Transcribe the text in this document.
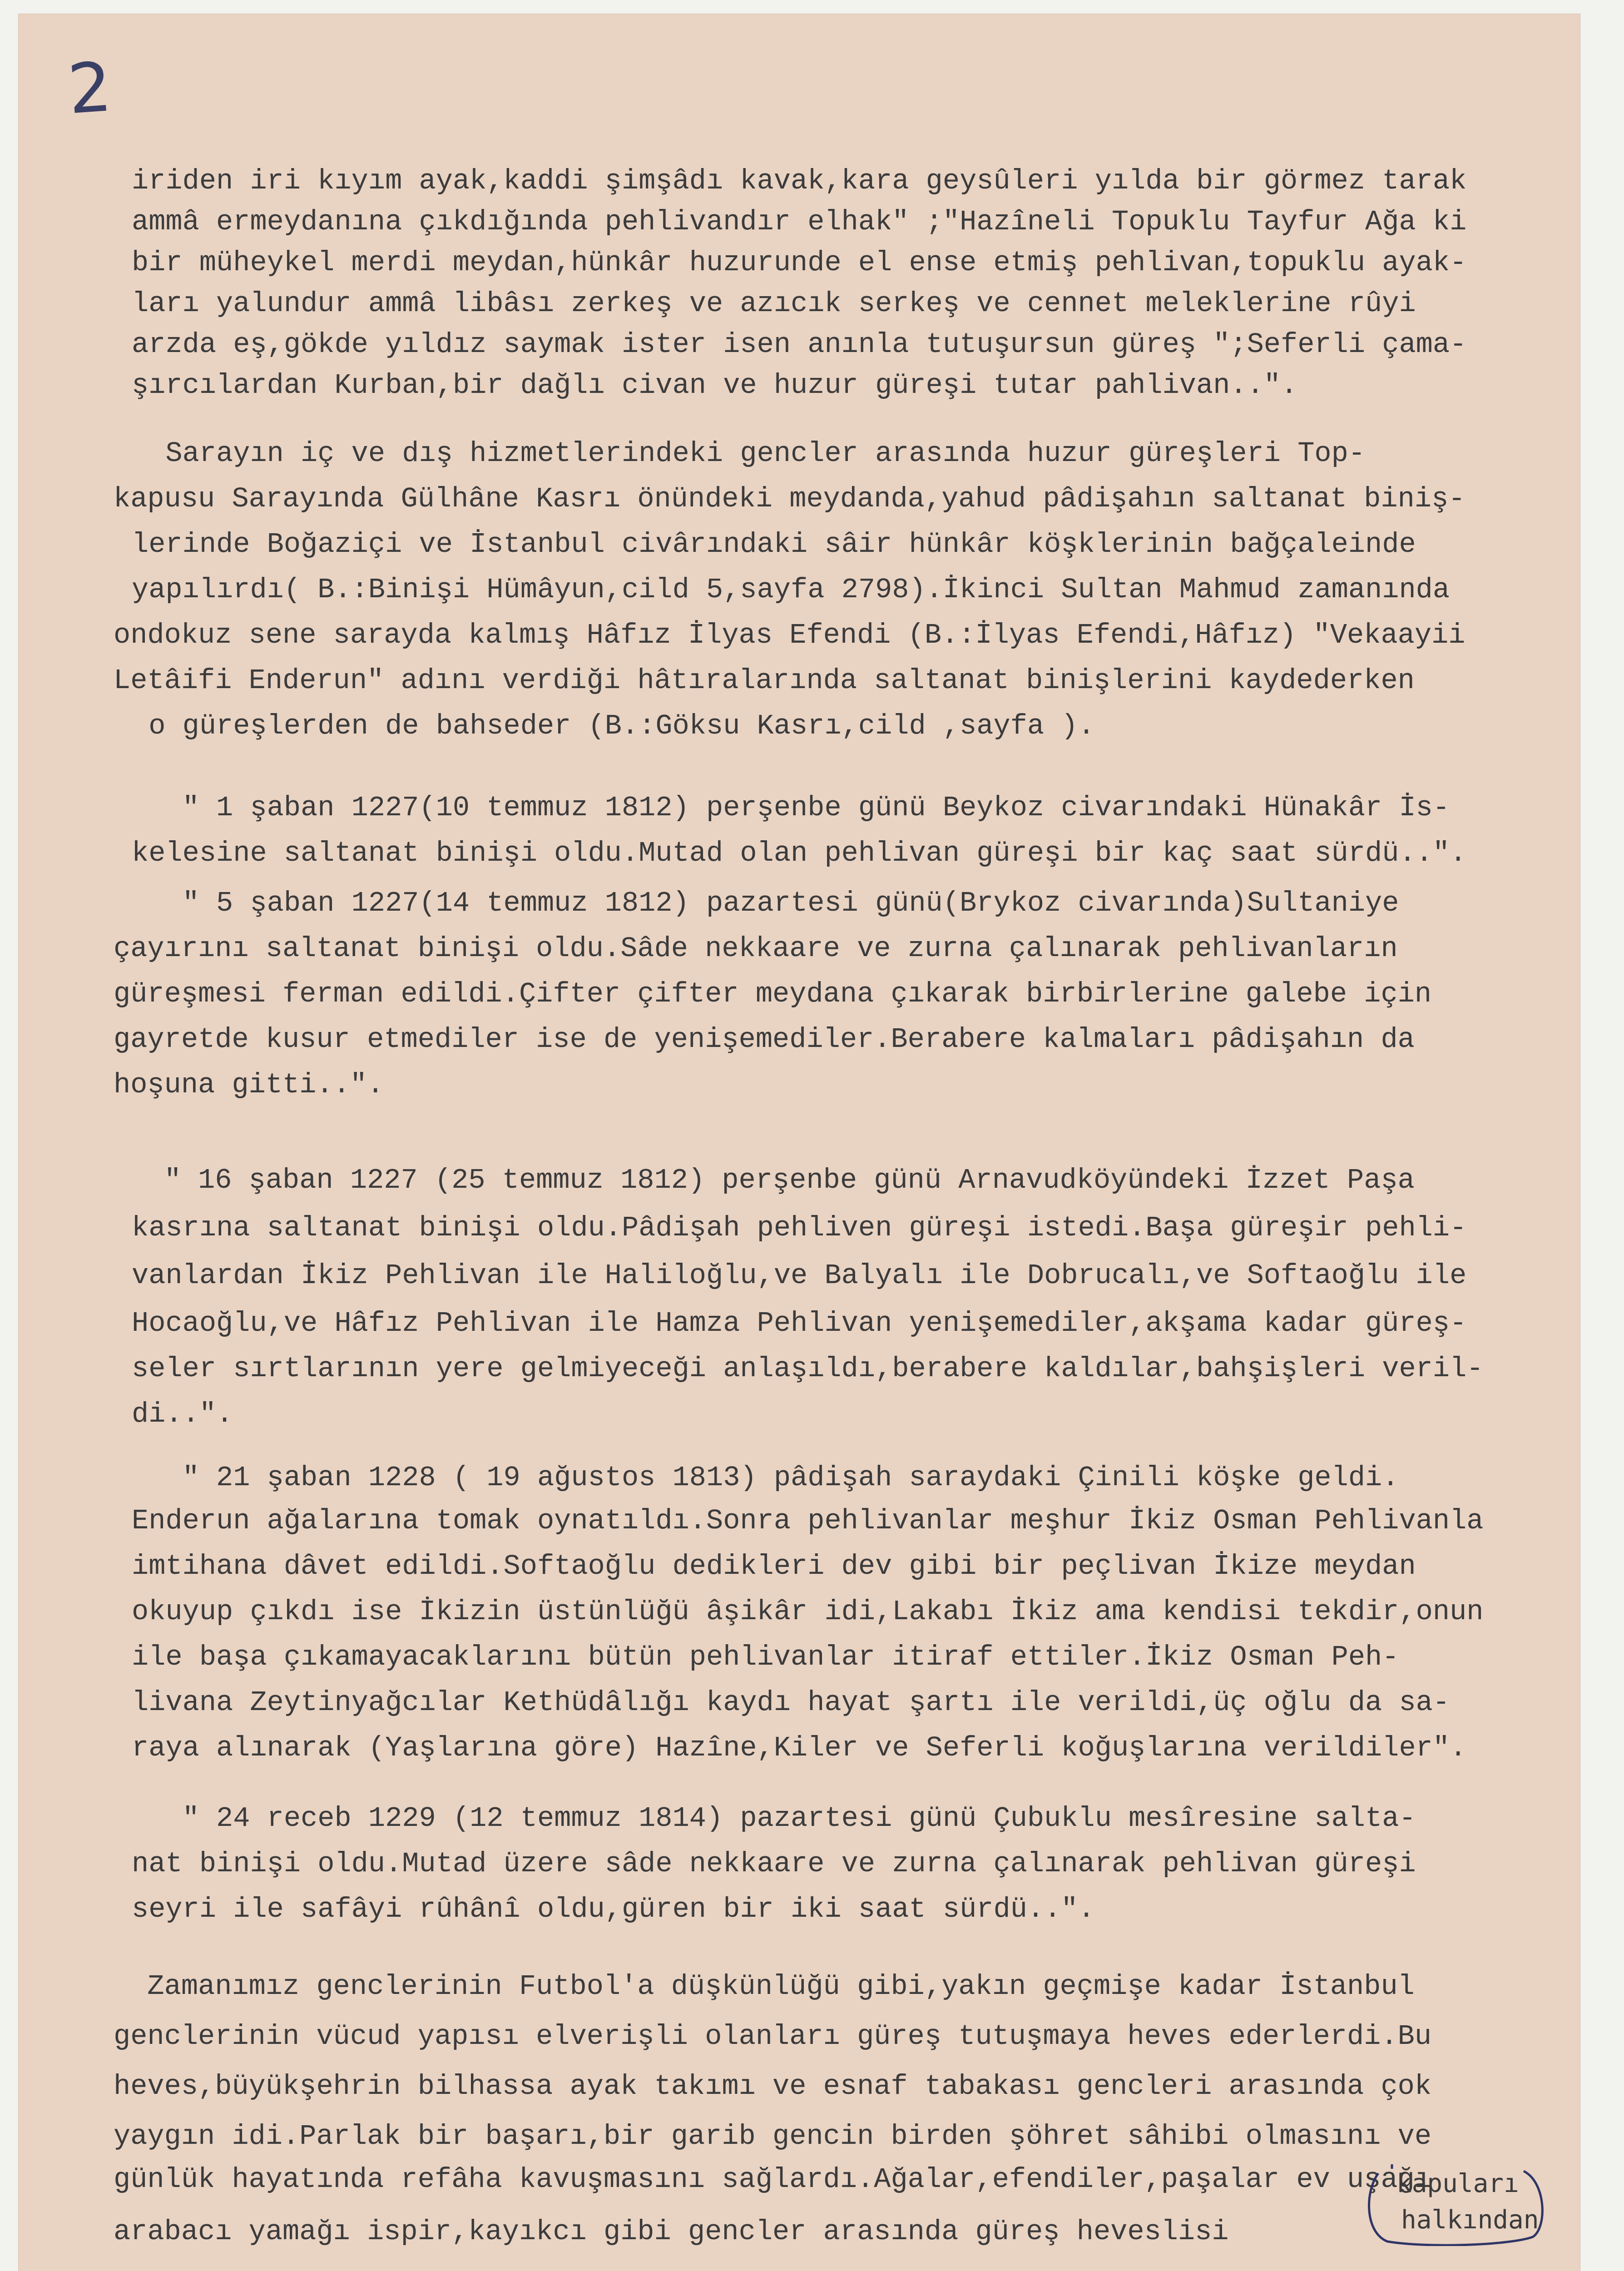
2
iriden iri kıyım ayak,kaddi şimşâdı kavak,kara geysûleri yılda bir görmez tarak
ammâ ermeydanına çıkdığında pehlivandır elhak" ;"Hazîneli Topuklu Tayfur Ağa ki
bir müheykel merdi meydan,hünkâr huzurunde el ense etmiş pehlivan,topuklu ayak-
ları yalundur ammâ libâsı zerkeş ve azıcık serkeş ve cennet meleklerine rûyi
arzda eş,gökde yıldız saymak ister isen anınla tutuşursun güreş ";Seferli çama-
şırcılardan Kurban,bir dağlı civan ve huzur güreşi tutar pahlivan..".
Sarayın iç ve dış hizmetlerindeki gencler arasında huzur güreşleri Top-
kapusu Sarayında Gülhâne Kasrı önündeki meydanda,yahud pâdişahın saltanat biniş-
lerinde Boğaziçi ve İstanbul civârındaki sâir hünkâr köşklerinin bağçaleinde
yapılırdı( B.:Binişi Hümâyun,cild 5,sayfa 2798).İkinci Sultan Mahmud zamanında
ondokuz sene sarayda kalmış Hâfız İlyas Efendi (B.:İlyas Efendi,Hâfız) "Vekaayii
Letâifi Enderun" adını verdiği hâtıralarında saltanat binişlerini kaydederken
o güreşlerden de bahseder (B.:Göksu Kasrı,cild ,sayfa ).
" 1 şaban 1227(10 temmuz 1812) perşenbe günü Beykoz civarındaki Hünakâr İs-
kelesine saltanat binişi oldu.Mutad olan pehlivan güreşi bir kaç saat sürdü..".
" 5 şaban 1227(14 temmuz 1812) pazartesi günü(Brykoz civarında)Sultaniye
çayırını saltanat binişi oldu.Sâde nekkaare ve zurna çalınarak pehlivanların
güreşmesi ferman edildi.Çifter çifter meydana çıkarak birbirlerine galebe için
gayretde kusur etmediler ise de yenişemediler.Berabere kalmaları pâdişahın da
hoşuna gitti..".
" 16 şaban 1227 (25 temmuz 1812) perşenbe günü Arnavudköyündeki İzzet Paşa
kasrına saltanat binişi oldu.Pâdişah pehliven güreşi istedi.Başa güreşir pehli-
vanlardan İkiz Pehlivan ile Haliloğlu,ve Balyalı ile Dobrucalı,ve Softaoğlu ile
Hocaoğlu,ve Hâfız Pehlivan ile Hamza Pehlivan yenişemediler,akşama kadar güreş-
seler sırtlarının yere gelmiyeceği anlaşıldı,berabere kaldılar,bahşişleri veril-
di..".
" 21 şaban 1228 ( 19 ağustos 1813) pâdişah saraydaki Çinili köşke geldi.
Enderun ağalarına tomak oynatıldı.Sonra pehlivanlar meşhur İkiz Osman Pehlivanla
imtihana dâvet edildi.Softaoğlu dedikleri dev gibi bir peçlivan İkize meydan
okuyup çıkdı ise İkizin üstünlüğü âşikâr idi,Lakabı İkiz ama kendisi tekdir,onun
ile başa çıkamayacaklarını bütün pehlivanlar itiraf ettiler.İkiz Osman Peh-
livana Zeytinyağcılar Kethüdâlığı kaydı hayat şartı ile verildi,üç oğlu da sa-
raya alınarak (Yaşlarına göre) Hazîne,Kiler ve Seferli koğuşlarına verildiler".
" 24 receb 1229 (12 temmuz 1814) pazartesi günü Çubuklu mesîresine salta-
nat binişi oldu.Mutad üzere sâde nekkaare ve zurna çalınarak pehlivan güreşi
seyri ile safâyi rûhânî oldu,güren bir iki saat sürdü..".
Zamanımız genclerinin Futbol'a düşkünlüğü gibi,yakın geçmişe kadar İstanbul
genclerinin vücud yapısı elverişli olanları güreş tutuşmaya heves ederlerdi.Bu
heves,büyükşehrin bilhassa ayak takımı ve esnaf tabakası gencleri arasında çok
yaygın idi.Parlak bir başarı,bir garib gencin birden şöhret sâhibi olmasını ve
günlük hayatında refâha kavuşmasını sağlardı.Ağalar,efendiler,paşalar ev uşağı
arabacı yamağı ispir,kayıkcı gibi gencler arasında güreş heveslisi
kapuları
halkından
